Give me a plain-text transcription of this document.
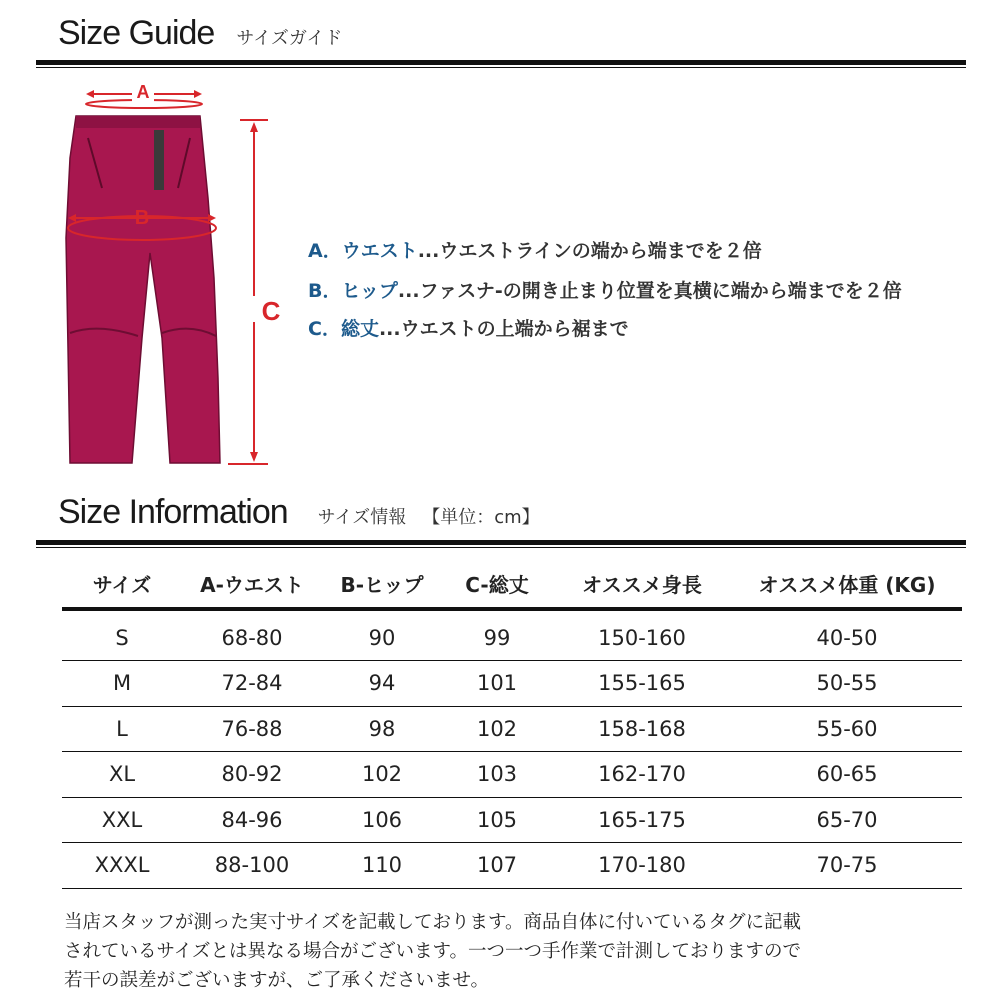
Size Guide サイズガイド
A
B
C
A．ウエスト...ウエストラインの端から端までを２倍
B．ヒップ...ファスナ-の開き止まり位置を真横に端から端までを２倍
C．総丈...ウエストの上端から裾まで
Size Information サイズ情報 【単位：cm】
サイズ	A-ウエスト	B-ヒップ	C-総丈	オススメ身長	オススメ体重 (KG)

S	68-80	90	99	150-160	40-50
M	72-84	94	101	155-165	50-55
L	76-88	98	102	158-168	55-60
XL	80-92	102	103	162-170	60-65
XXL	84-96	106	105	165-175	65-70
XXXL	88-100	110	107	170-180	70-75
当店スタッフが測った実寸サイズを記載しております。商品自体に付いているタグに記載
されているサイズとは異なる場合がございます。一つ一つ手作業で計測しておりますので
若干の誤差がございますが、ご了承くださいませ。
